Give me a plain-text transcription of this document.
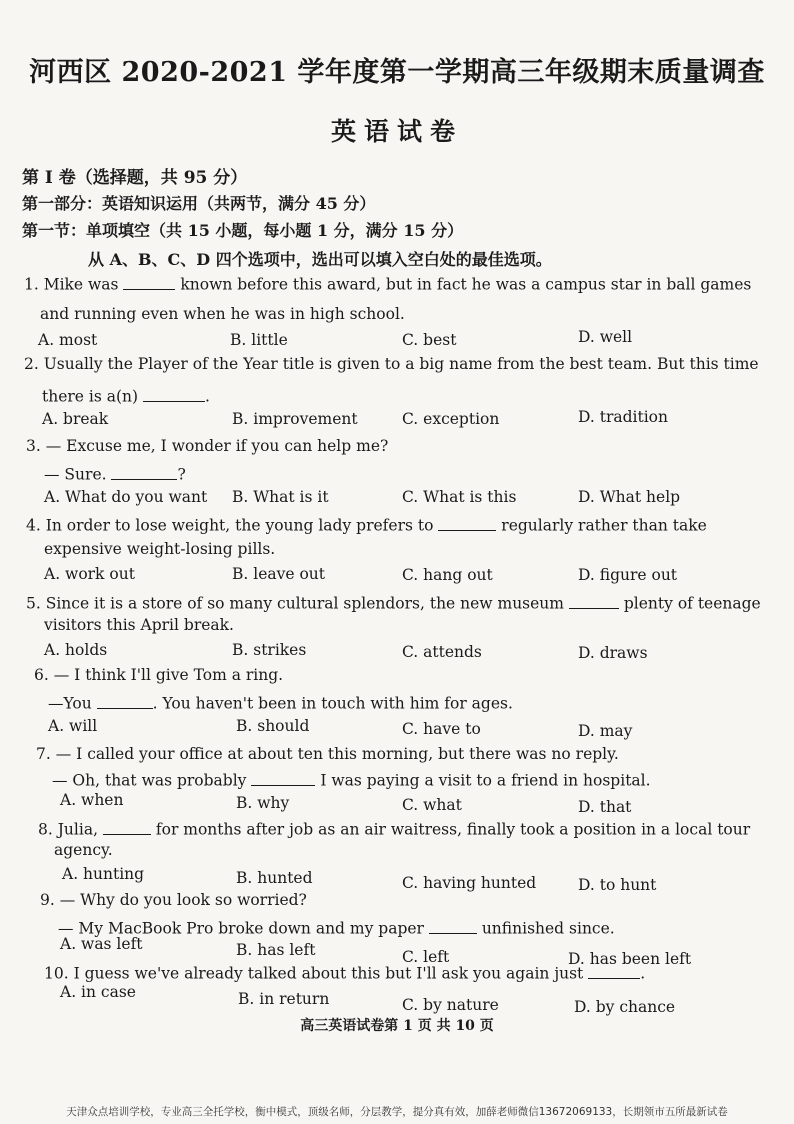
河西区 2020-2021 学年度第一学期高三年级期末质量调查
英语试卷
第 I 卷（选择题，共 95 分）
第一部分：英语知识运用（共两节，满分 45 分）
第一节：单项填空（共 15 小题，每小题 1 分，满分 15 分）
从 A、B、C、D 四个选项中，选出可以填入空白处的最佳选项。
1. Mike was	known before this award, but in fact he was a campus star in ball games
and running even when he was in high school.
A. most	B. little	C. best	D. well
2. Usually the Player of the Year title is given to a big name from the best team. But this time
there is a(n)	.
A. break	B. improvement	C. exception	D. tradition
3. — Excuse me, I wonder if you can help me?
— Sure.	?
A. What do you want B. What is it	C. What is this	D. What help
4. In order to lose weight, the young lady prefers to	regularly rather than take
expensive weight-losing pills.
A. work out	B. leave out	C. hang out	D. figure out
5. Since it is a store of so many cultural splendors, the new museum	plenty of teenage
visitors this April break.
A. holds	B. strikes	C. attends	D. draws
6. — I think I'll give Tom a ring.
—You	. You haven't been in touch with him for ages.
A. will	B. should	C. have to	D. may
7. — I called your office at about ten this morning, but there was no reply.
— Oh, that was probably	I was paying a visit to a friend in hospital.
A. when	B. why	C. what	D. that
8. Julia,	for months after job as an air waitress, finally took a position in a local tour
agency.
A. hunting	B. hunted	C. having hunted	D. to hunt
9. — Why do you look so worried?
— My MacBook Pro broke down and my paper	unfinished since.
A. was left	B. has left	C. left	D. has been left
10. I guess we've already talked about this but I'll ask you again just	.
A. in case	B. in return	C. by nature	D. by chance
高三英语试卷第 1 页 共 10 页
天津众点培训学校，专业高三全托学校，衡中模式，顶级名师，分层教学，提分真有效，加薛老师微信13672069133，长期领市五所最新试卷
